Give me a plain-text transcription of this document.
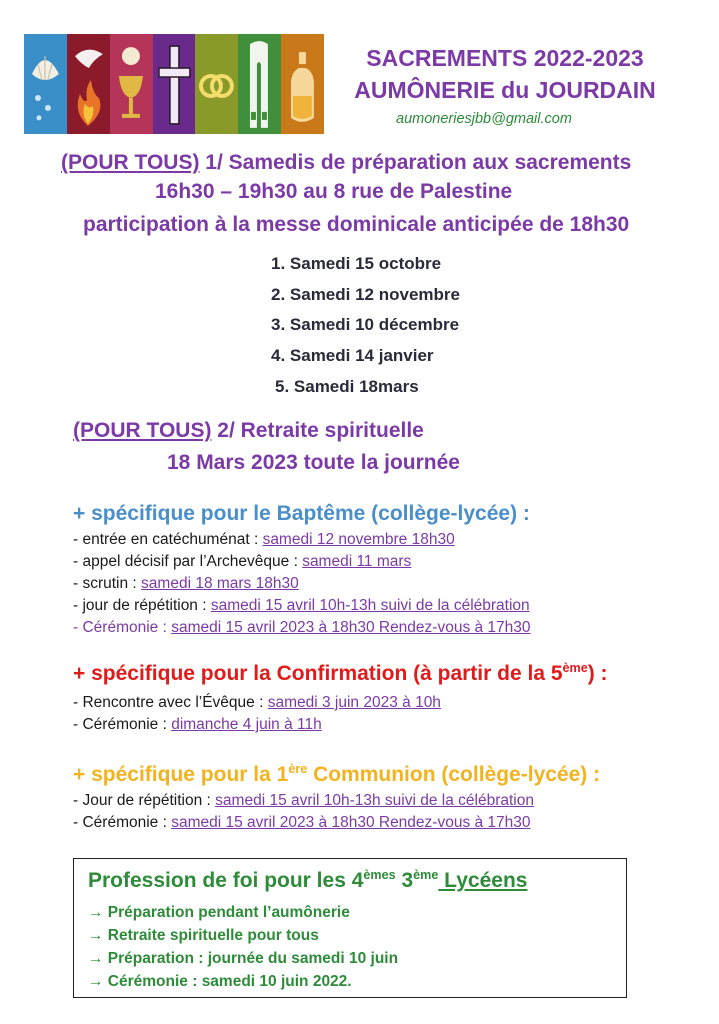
SACREMENTS 2022-2023
AUMÔNERIE du JOURDAIN
aumoneriesjbb@gmail.com
(POUR TOUS) 1/ Samedis de préparation aux sacrements
16h30 – 19h30 au 8 rue de Palestine
participation à la messe dominicale anticipée de 18h30
1. Samedi 15 octobre
2. Samedi 12 novembre
3. Samedi 10 décembre
4. Samedi 14 janvier
5. Samedi 18mars
(POUR TOUS) 2/ Retraite spirituelle
18 Mars 2023 toute la journée
+ spécifique pour le Baptême (collège-lycée) :
- entrée en catéchuménat : samedi 12 novembre 18h30
- appel décisif par l’Archevêque : samedi 11 mars
- scrutin : samedi 18 mars 18h30
- jour de répétition : samedi 15 avril 10h-13h suivi de la célébration
- Cérémonie : samedi 15 avril 2023 à 18h30 Rendez-vous à 17h30
+ spécifique pour la Confirmation (à partir de la 5ème) :
- Rencontre avec l’Évêque : samedi 3 juin 2023 à 10h
- Cérémonie : dimanche 4 juin à 11h
+ spécifique pour la 1ère Communion (collège-lycée) :
- Jour de répétition : samedi 15 avril 10h-13h suivi de la célébration
- Cérémonie : samedi 15 avril 2023 à 18h30 Rendez-vous à 17h30
Profession de foi pour les 4èmes 3ème Lycéens
→ Préparation pendant l’aumônerie
→ Retraite spirituelle pour tous
→ Préparation : journée du samedi 10 juin
→ Cérémonie : samedi 10 juin 2022.
